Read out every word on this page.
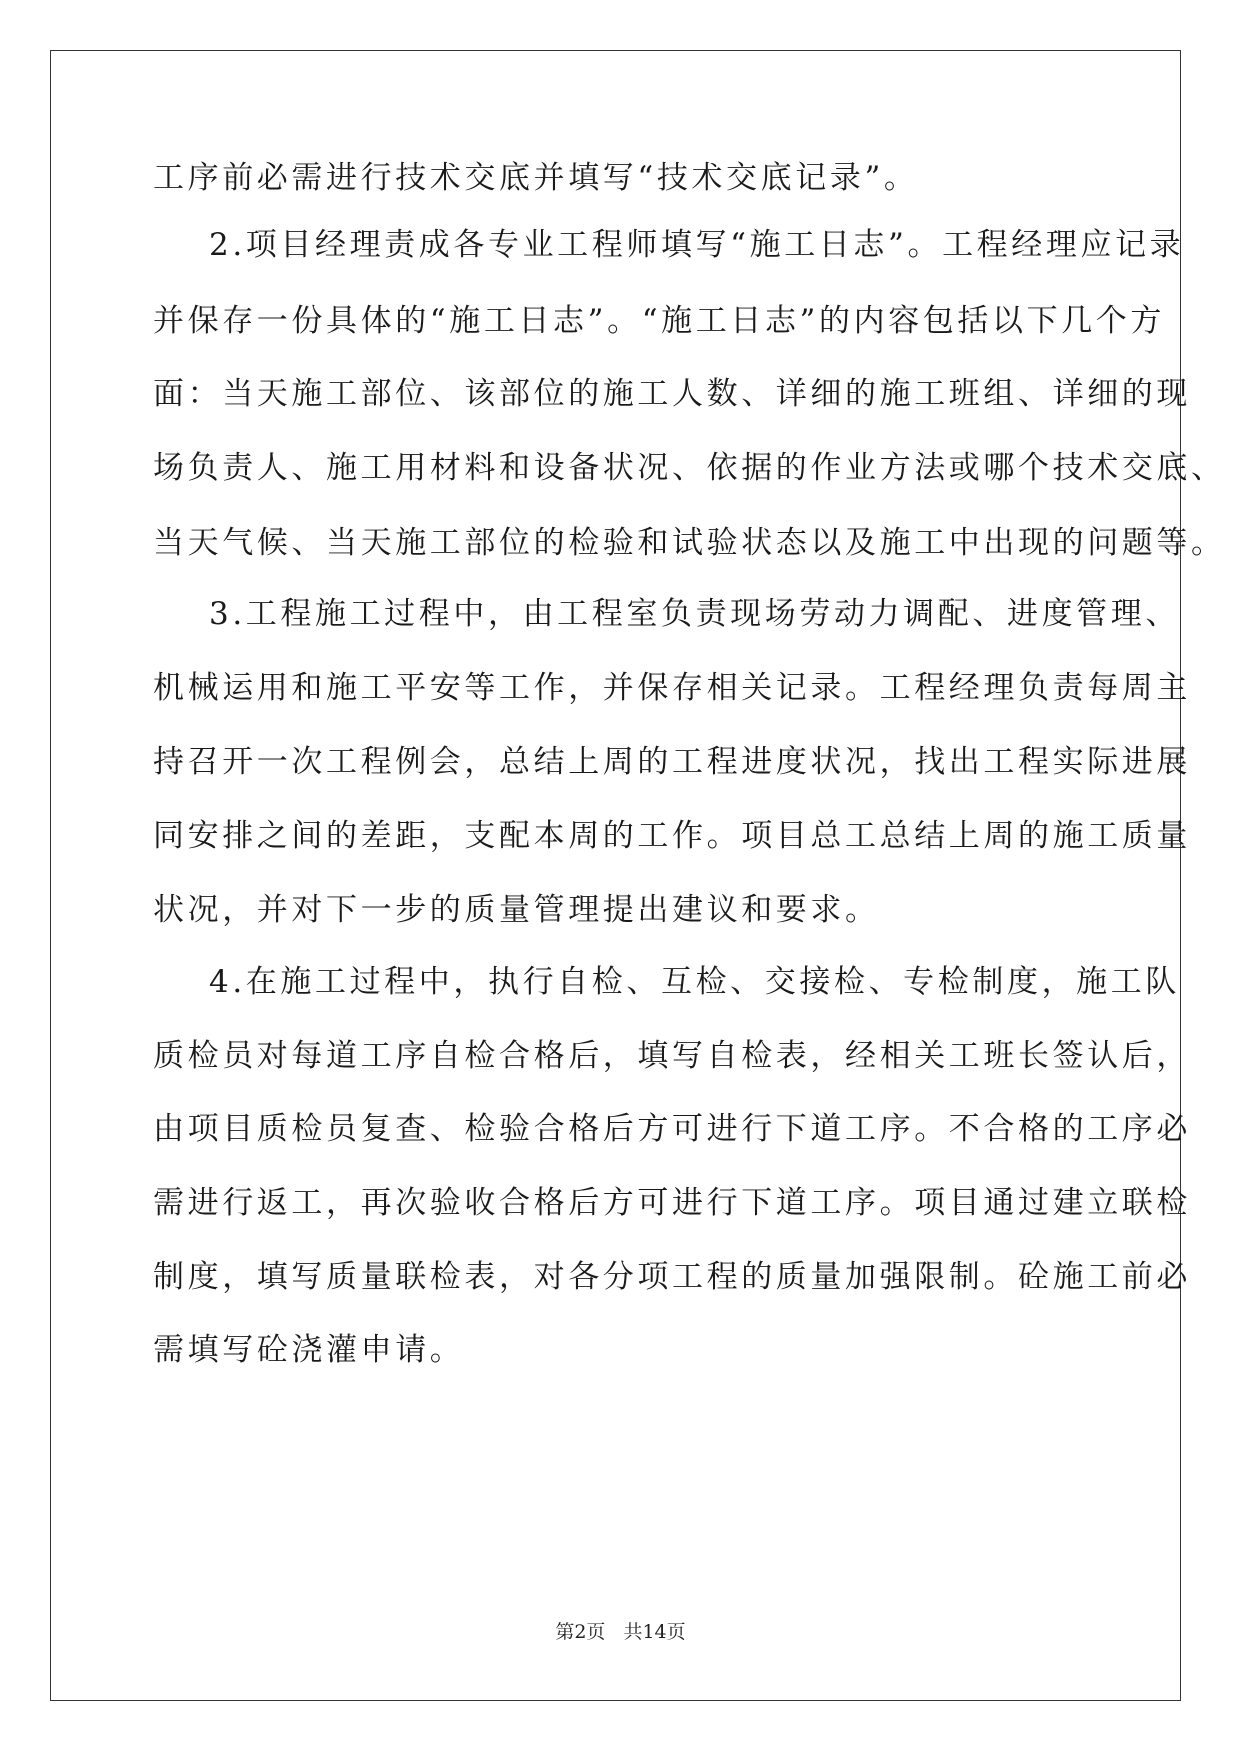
工序前必需进行技术交底并填写“技术交底记录”。
2.项目经理责成各专业工程师填写“施工日志”。工程经理应记录
并保存一份具体的“施工日志”。“施工日志”的内容包括以下几个方
面：当天施工部位、该部位的施工人数、详细的施工班组、详细的现
场负责人、施工用材料和设备状况、依据的作业方法或哪个技术交底、
当天气候、当天施工部位的检验和试验状态以及施工中出现的问题等。
3.工程施工过程中，由工程室负责现场劳动力调配、进度管理、
机械运用和施工平安等工作，并保存相关记录。工程经理负责每周主
持召开一次工程例会，总结上周的工程进度状况，找出工程实际进展
同安排之间的差距，支配本周的工作。项目总工总结上周的施工质量
状况，并对下一步的质量管理提出建议和要求。
4.在施工过程中，执行自检、互检、交接检、专检制度，施工队
质检员对每道工序自检合格后，填写自检表，经相关工班长签认后，
由项目质检员复查、检验合格后方可进行下道工序。不合格的工序必
需进行返工，再次验收合格后方可进行下道工序。项目通过建立联检
制度，填写质量联检表，对各分项工程的质量加强限制。砼施工前必
需填写砼浇灌申请。
第2页 共14页
